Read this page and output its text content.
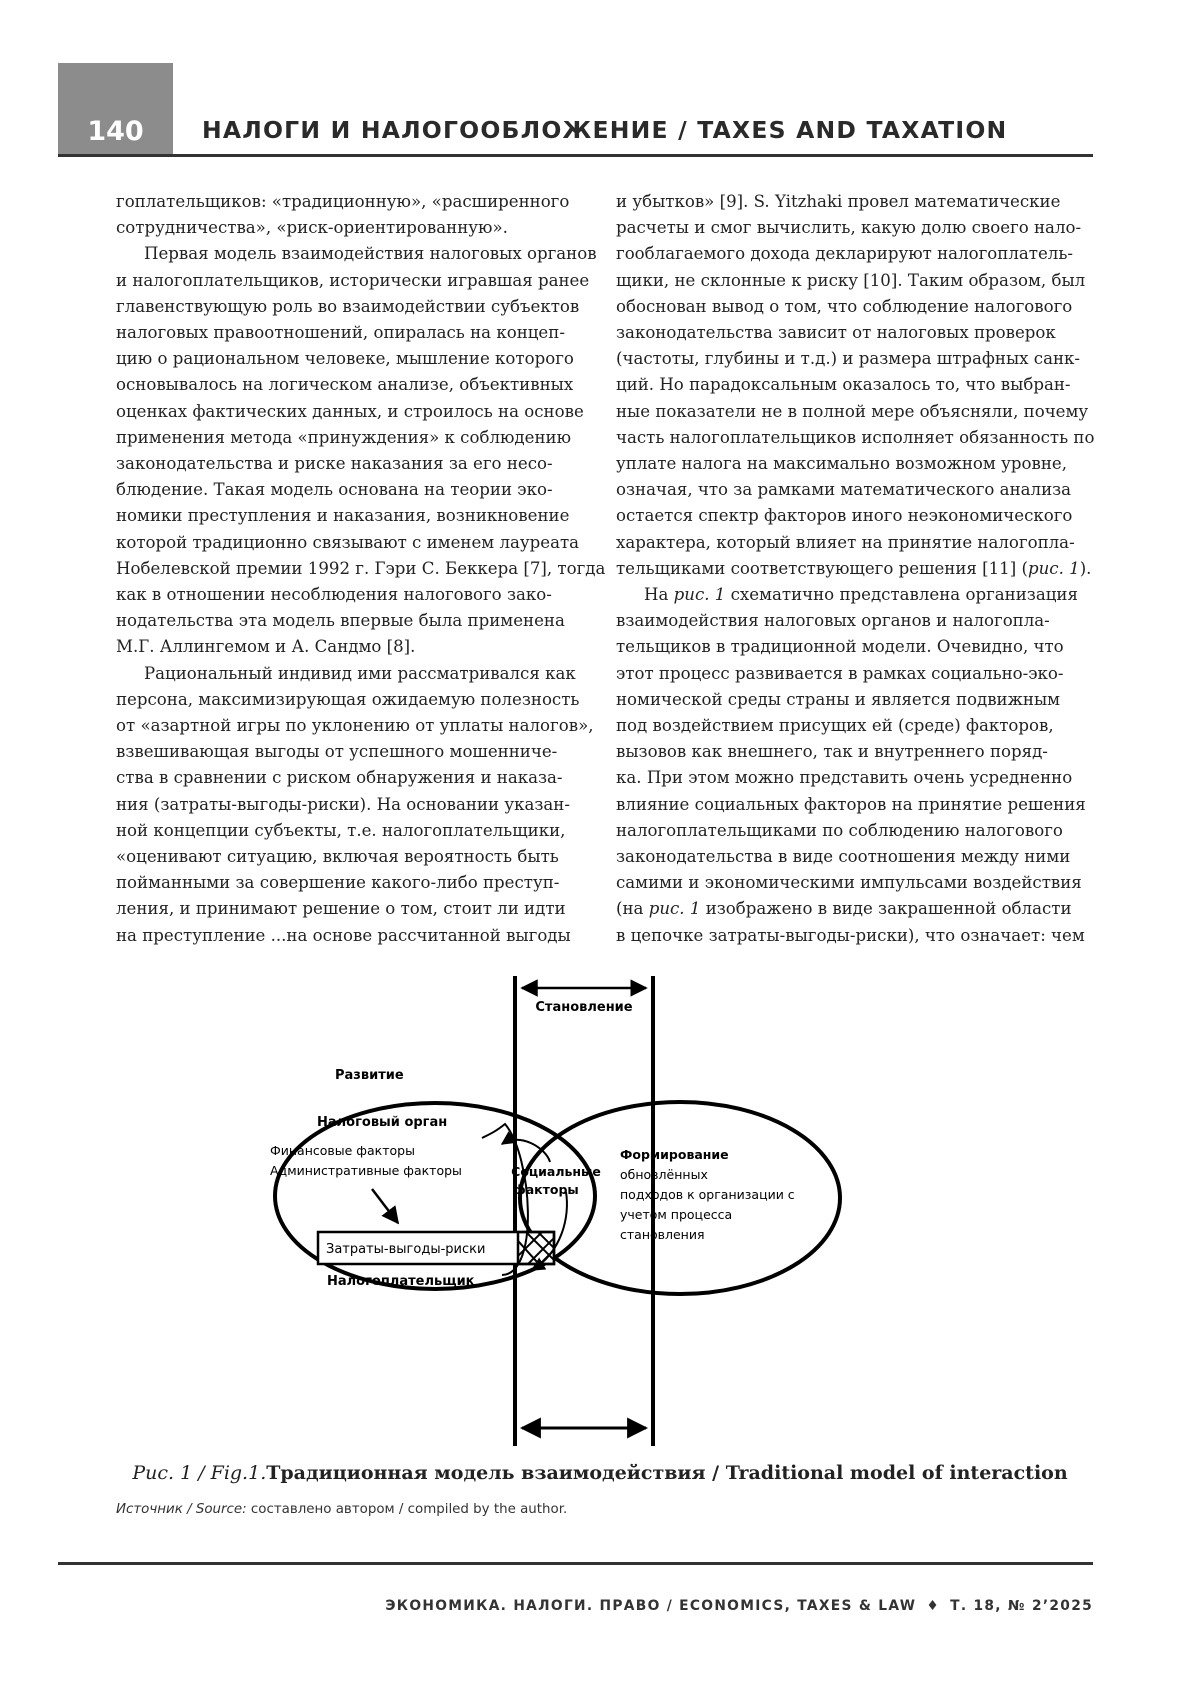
140	НАЛОГИ И НАЛОГООБЛОЖЕНИЕ / TAXES AND TAXATION

гоплательщиков: «традиционную», «расширенного
сотрудничества», «риск-ориентированную».

Первая модель взаимодействия налоговых органов

и налогоплательщиков, исторически игравшая ранее
главенствующую роль во взаимодействии субъектов
налоговых правоотношений, опиралась на концеп-
цию о рациональном человеке, мышление которого
основывалось на логическом анализе, объективных
оценках фактических данных, и строилось на основе
применения метода «принуждения» к соблюдению
законодательства и риске наказания за его несо-
блюдение. Такая модель основана на теории эко-
номики преступления и наказания, возникновение
которой традиционно связывают с именем лауреата
Нобелевской премии 1992 г. Гэри С. Беккера [7], тогда
как в отношении несоблюдения налогового зако-
нодательства эта модель впервые была применена
М.Г. Аллингемом и А. Сандмо [8].

Рациональный индивид ими рассматривался как

персона, максимизирующая ожидаемую полезность
от «азартной игры по уклонению от уплаты налогов»,
взвешивающая выгоды от успешного мошенниче-
ства в сравнении с риском обнаружения и наказа-
ния (затраты-выгоды-риски). На основании указан-
ной концепции субъекты, т.е. налогоплательщики,
«оценивают ситуацию, включая вероятность быть
пойманными за совершение какого-либо преступ-
ления, и принимают решение о том, стоит ли идти
на преступление ...на основе рассчитанной выгоды

и убытков» [9]. S. Yitzhaki провел математические
расчеты и смог вычислить, какую долю своего нало-
гооблагаемого дохода декларируют налогоплатель-
щики, не склонные к риску [10]. Таким образом, был
обоснован вывод о том, что соблюдение налогового
законодательства зависит от налоговых проверок
(частоты, глубины и т.д.) и размера штрафных санк-
ций. Но парадоксальным оказалось то, что выбран-
ные показатели не в полной мере объясняли, почему
часть налогоплательщиков исполняет обязанность по
уплате налога на максимально возможном уровне,
означая, что за рамками математического анализа
остается спектр факторов иного неэкономического
характера, который влияет на принятие налогопла-
тельщиками соответствующего решения [11] (рис. 1).

На рис. 1 схематично представлена организация
взаимодействия налоговых органов и налогопла-
тельщиков в традиционной модели. Очевидно, что
этот процесс развивается в рамках социально-эко-
номической среды страны и является подвижным
под воздействием присущих ей (среде) факторов,
вызовов как внешнего, так и внутреннего поряд-
ка. При этом можно представить очень усредненно
влияние социальных факторов на принятие решения
налогоплательщиками по соблюдению налогового
законодательства в виде соотношения между ними
самими и экономическими импульсами воздействия
(на рис. 1 изображено в виде закрашенной области
в цепочке затраты-выгоды-риски), что означает: чем

Становление
Развитие
Налоговый орган
Финансовые факторы
Административные факторы	Социальные
факторы
Затраты-выгоды-риски
Налогоплательщик
Формирование
обновлённых
подходов к организации с
учетом процесса
становления
Рис. 1 / Fig.1.Традиционная модель взаимодействия / Traditional model of interaction
Источник / Source: составлено автором / compiled by the author.
ЭКОНОМИКА. НАЛОГИ. ПРАВО / ECONOMICS, TAXES & LAW ♦ Т. 18, № 2’2025
